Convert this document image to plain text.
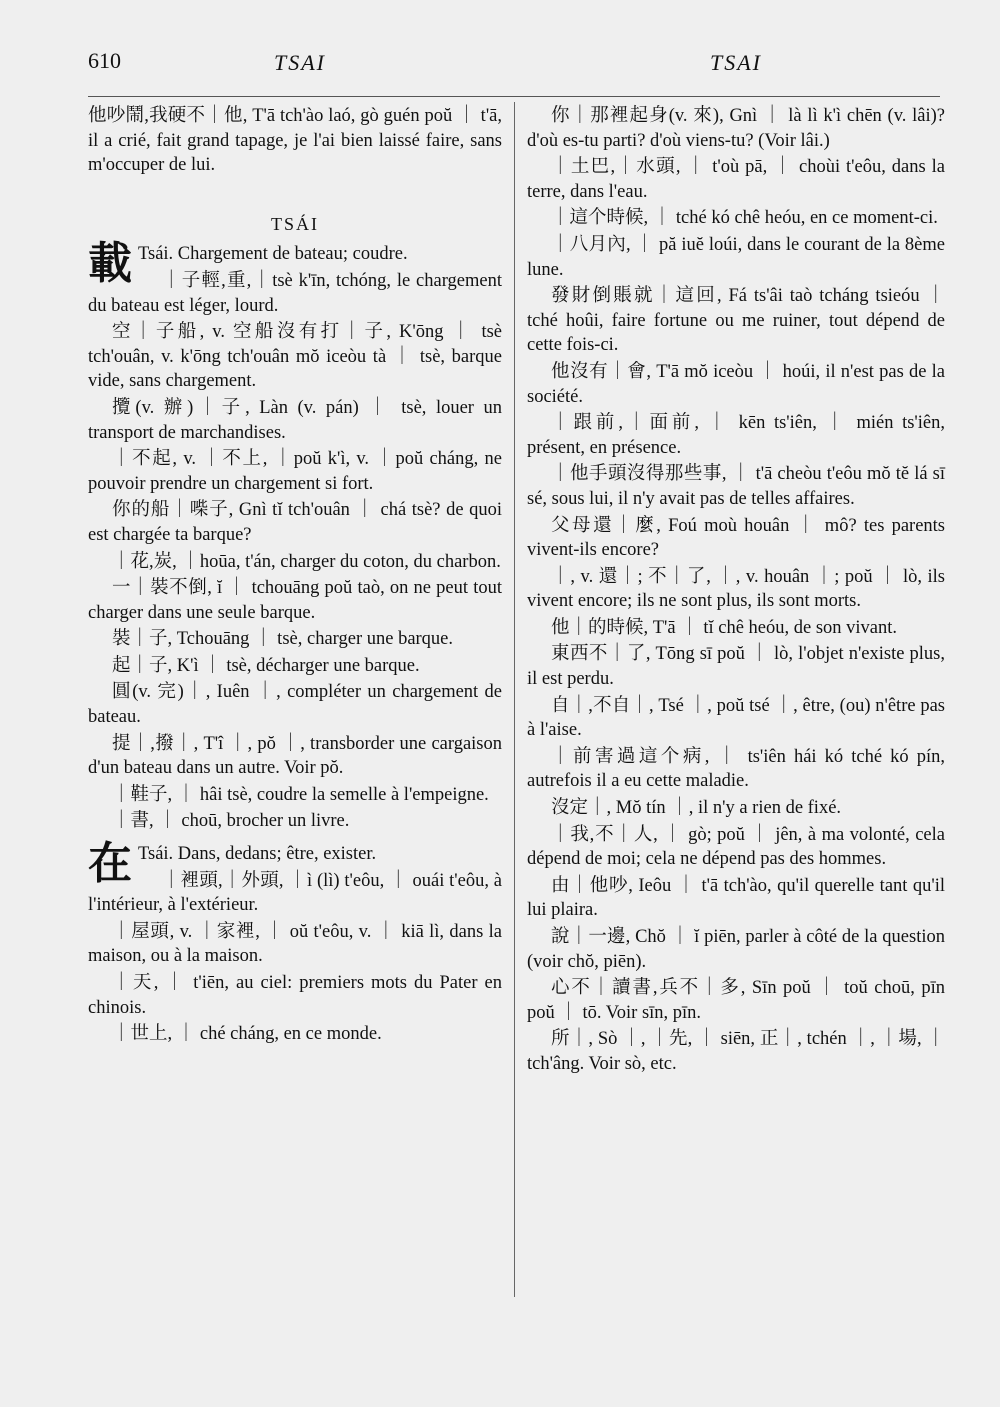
610	TSAI	TSAI

他吵鬧,我硬不｜他, T'ā tch'ào laó, gò guén poŭ ｜ t'ā, il a crié, fait grand tapage, je l'ai bien laissé faire, sans m'occuper de lui.

TSÁI

載 Tsái. Chargement de bateau; coudre.

｜子輕,重,｜tsè k'īn, tchóng, le chargement du bateau est léger, lourd.

空｜子船, v. 空船沒有打｜子, K'ōng ｜ tsè tch'ouân, v. k'ōng tch'ouân mŏ iceòu tà ｜ tsè, barque vide, sans chargement.

攬(v. 辦)｜子, Làn (v. pán) ｜ tsè, louer un transport de marchandises.

｜不起, v. ｜不上, ｜poŭ k'ì, v. ｜poŭ cháng, ne pouvoir prendre un chargement si fort.

你的船｜喍子, Gnì tĭ tch'ouân ｜ chá tsè? de quoi est chargée ta barque?

｜花,炭, ｜hoūa, t'án, charger du coton, du charbon.

一｜裝不倒, ĭ ｜ tchouāng poŭ taò, on ne peut tout charger dans une seule barque.

裝｜子, Tchouāng ｜ tsè, charger une barque.

起｜子, K'ì ｜ tsè, décharger une barque.

圓(v. 完)｜, Iuên ｜, compléter un chargement de bateau.

提｜,撥｜, T'î ｜, pŏ ｜, transborder une cargaison d'un bateau dans un autre. Voir pŏ.

｜鞋子, ｜ hâi tsè, coudre la semelle à l'empeigne.

｜書, ｜ choū, brocher un livre.

在 Tsái. Dans, dedans; être, exister.

｜裡頭,｜外頭, ｜ì (lì) t'eôu, ｜ ouái t'eôu, à l'intérieur, à l'extérieur.

｜屋頭, v. ｜家裡, ｜ oŭ t'eôu, v. ｜ kiā lì, dans la maison, ou à la maison.

｜天, ｜ t'iēn, au ciel: premiers mots du Pater en chinois.

｜世上, ｜ ché cháng, en ce monde.

你｜那裡起身(v. 來), Gnì ｜ là lì k'ì chēn (v. lâi)? d'où es-tu parti? d'où viens-tu? (Voir lâi.)

｜土巴,｜水頭, ｜ t'où pā, ｜ choùi t'eôu, dans la terre, dans l'eau.

｜這个時候, ｜ tché kó chê heóu, en ce moment-ci.

｜八月內, ｜ pă iuĕ loúi, dans le courant de la 8ème lune.

發財倒賬就｜這回, Fá ts'âi taò tcháng tsieóu ｜ tché hoûi, faire fortune ou me ruiner, tout dépend de cette fois-ci.

他沒有｜會, T'ā mŏ iceòu ｜ hoúi, il n'est pas de la société.

｜跟前,｜面前, ｜ kēn ts'iên, ｜ mién ts'iên, présent, en présence.

｜他手頭沒得那些事, ｜ t'ā cheòu t'eôu mŏ tĕ lá sī sé, sous lui, il n'y avait pas de telles affaires.

父母還｜麼, Foú moù houân ｜ mô? tes parents vivent-ils encore?

｜, v. 還｜; 不｜了, ｜, v. houân ｜; poŭ ｜ lò, ils vivent encore; ils ne sont plus, ils sont morts.

他｜的時候, T'ā ｜ tĭ chê heóu, de son vivant.

東西不｜了, Tōng sī poŭ ｜ lò, l'objet n'existe plus, il est perdu.

自｜,不自｜, Tsé ｜, poŭ tsé ｜, être, (ou) n'être pas à l'aise.

｜前害過這个病, ｜ ts'iên hái kó tché kó pín, autrefois il a eu cette maladie.

沒定｜, Mŏ tín ｜, il n'y a rien de fixé.

｜我,不｜人, ｜ gò; poŭ ｜ jên, à ma volonté, cela dépend de moi; cela ne dépend pas des hommes.

由｜他吵, Ieôu ｜ t'ā tch'ào, qu'il querelle tant qu'il lui plaira.

說｜一邊, Chŏ ｜ ĭ piēn, parler à côté de la question (voir chŏ, piēn).

心不｜讀書,兵不｜多, Sīn poŭ ｜ toŭ choū, pīn poŭ ｜ tō. Voir sīn, pīn.

所｜, Sò ｜, ｜先, ｜ siēn, 正｜, tchén ｜, ｜場, ｜ tch'âng. Voir sò, etc.
